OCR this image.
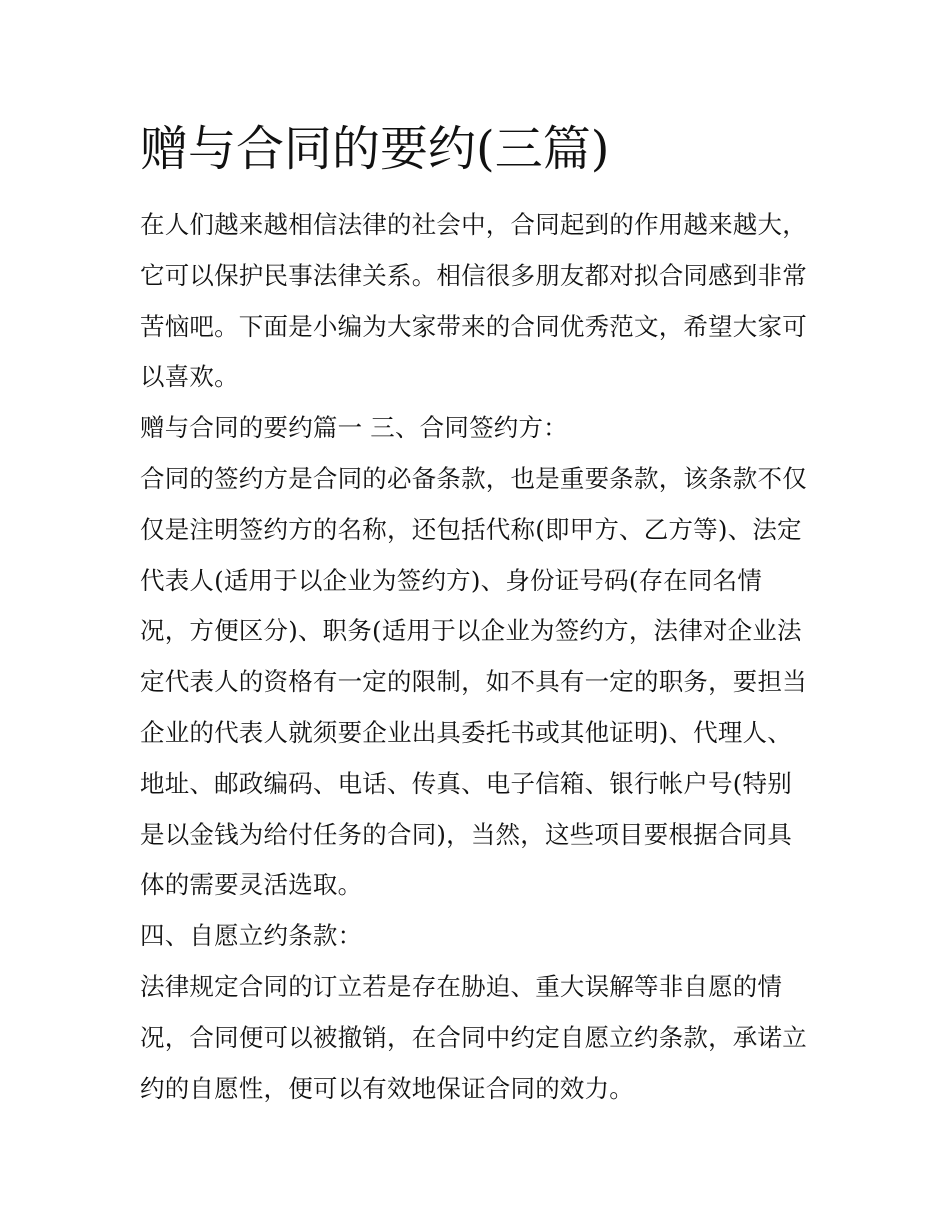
赠与合同的要约(三篇)
在人们越来越相信法律的社会中，合同起到的作用越来越大，
它可以保护民事法律关系。相信很多朋友都对拟合同感到非常
苦恼吧。下面是小编为大家带来的合同优秀范文，希望大家可
以喜欢。
赠与合同的要约篇一 三、合同签约方：
合同的签约方是合同的必备条款，也是重要条款，该条款不仅
仅是注明签约方的名称，还包括代称(即甲方、乙方等)、法定
代表人(适用于以企业为签约方)、身份证号码(存在同名情
况，方便区分)、职务(适用于以企业为签约方，法律对企业法
定代表人的资格有一定的限制，如不具有一定的职务，要担当
企业的代表人就须要企业出具委托书或其他证明)、代理人、
地址、邮政编码、电话、传真、电子信箱、银行帐户号(特别
是以金钱为给付任务的合同)，当然，这些项目要根据合同具
体的需要灵活选取。
四、自愿立约条款：
法律规定合同的订立若是存在胁迫、重大误解等非自愿的情
况，合同便可以被撤销，在合同中约定自愿立约条款，承诺立
约的自愿性，便可以有效地保证合同的效力。
